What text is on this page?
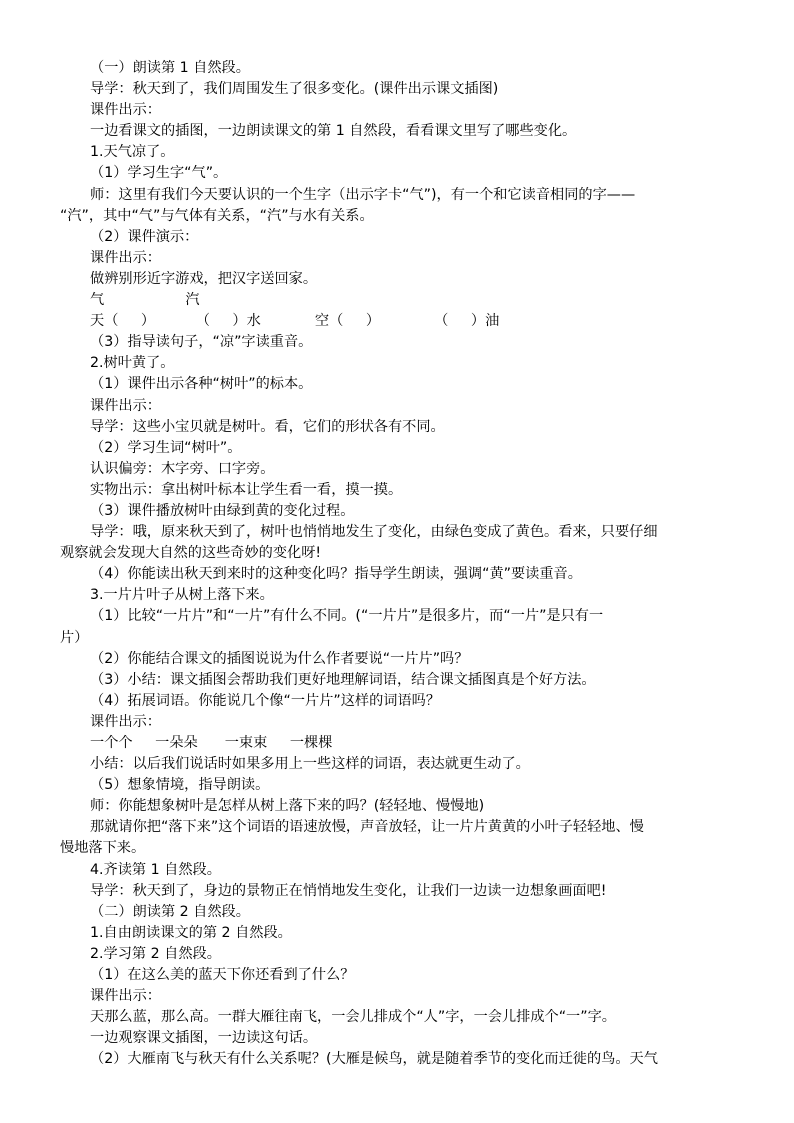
（一）朗读第 1 自然段。
导学：秋天到了，我们周围发生了很多变化。(课件出示课文插图)
课件出示：
一边看课文的插图，一边朗读课文的第 1 自然段，看看课文里写了哪些变化。
1.天气凉了。
（1）学习生字“气”。
师：这里有我们今天要认识的一个生字（出示字卡“气”)，有一个和它读音相同的字——
“汽”，其中“气”与气体有关系，“汽”与水有关系。
（2）课件演示：
课件出示：
做辨别形近字游戏，把汉字送回家。
气                  汽
天（     ）         （     ）水            空（     ）            （     ）油
（3）指导读句子，“凉”字读重音。
2.树叶黄了。
（1）课件出示各种“树叶”的标本。
课件出示：
导学：这些小宝贝就是树叶。看，它们的形状各有不同。
（2）学习生词“树叶”。
认识偏旁：木字旁、口字旁。
实物出示：拿出树叶标本让学生看一看，摸一摸。
（3）课件播放树叶由绿到黄的变化过程。
导学：哦，原来秋天到了，树叶也悄悄地发生了变化，由绿色变成了黄色。看来，只要仔细
观察就会发现大自然的这些奇妙的变化呀!
（4）你能读出秋天到来时的这种变化吗？指导学生朗读，强调“黄”要读重音。
3.一片片叶子从树上落下来。
（1）比较“一片片”和“一片”有什么不同。(“一片片”是很多片，而“一片”是只有一
片）
（2）你能结合课文的插图说说为什么作者要说“一片片”吗？
（3）小结：课文插图会帮助我们更好地理解词语，结合课文插图真是个好方法。
（4）拓展词语。你能说几个像“一片片”这样的词语吗？
课件出示：
一个个     一朵朵      一束束     一棵棵
小结：以后我们说话时如果多用上一些这样的词语，表达就更生动了。
（5）想象情境，指导朗读。
师：你能想象树叶是怎样从树上落下来的吗？(轻轻地、慢慢地)
那就请你把“落下来”这个词语的语速放慢，声音放轻，让一片片黄黄的小叶子轻轻地、慢
慢地落下来。
4.齐读第 1 自然段。
导学：秋天到了，身边的景物正在悄悄地发生变化，让我们一边读一边想象画面吧!
（二）朗读第 2 自然段。
1.自由朗读课文的第 2 自然段。
2.学习第 2 自然段。
（1）在这么美的蓝天下你还看到了什么？
课件出示：
天那么蓝，那么高。一群大雁往南飞，一会儿排成个“人”字，一会儿排成个“一”字。
一边观察课文插图，一边读这句话。
（2）大雁南飞与秋天有什么关系呢？(大雁是候鸟，就是随着季节的变化而迁徙的鸟。天气
